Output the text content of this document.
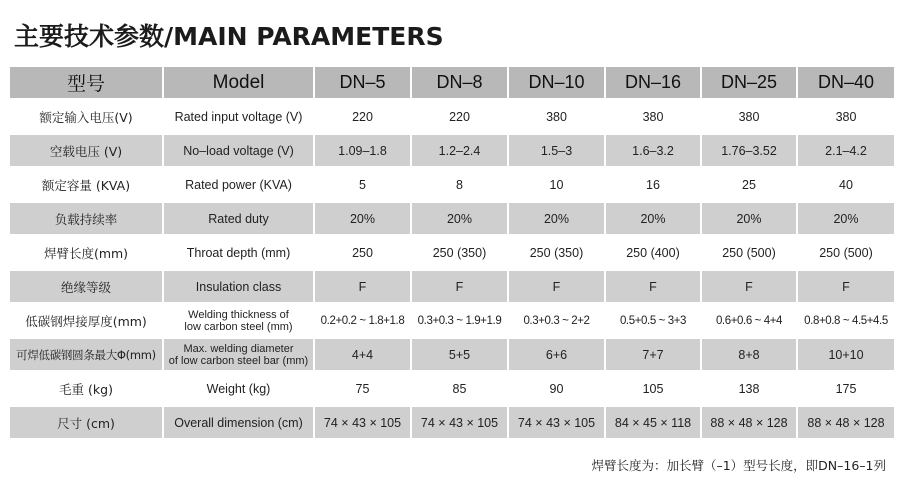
主要技术参数/MAIN PARAMETERS
型号	Model	DN–5	DN–8	DN–10	DN–16	DN–25	DN–40
额定输入电压(V)	Rated input voltage (V)	220	220	380	380	380	380
空载电压 (V)	No–load voltage (V)	1.09–1.8	1.2–2.4	1.5–3	1.6–3.2	1.76–3.52	2.1–4.2
额定容量 (KVA)	Rated power (KVA)	5	8	10	16	25	40
负载持续率	Rated duty	20%	20%	20%	20%	20%	20%
焊臂长度(mm)	Throat depth (mm)	250	250 (350)	250 (350)	250 (400)	250 (500)	250 (500)
绝缘等级	Insulation class	F	F	F	F	F	F
低碳钢焊接厚度(mm)	Welding thickness of
low carbon steel (mm)	0.2+0.2 ~ 1.8+1.8	0.3+0.3 ~ 1.9+1.9	0.3+0.3 ~ 2+2	0.5+0.5 ~ 3+3	0.6+0.6 ~ 4+4	0.8+0.8 ~ 4.5+4.5
可焊低碳钢圆条最大Φ(mm)	Max. welding diameter
of low carbon steel bar (mm)	4+4	5+5	6+6	7+7	8+8	10+10
毛重 (kg)	Weight (kg)	75	85	90	105	138	175
尺寸 (cm)	Overall dimension (cm)	74 × 43 × 105	74 × 43 × 105	74 × 43 × 105	84 × 45 × 118	88 × 48 × 128	88 × 48 × 128
焊臂长度为：加长臂（–1）型号长度，即DN–16–1列
